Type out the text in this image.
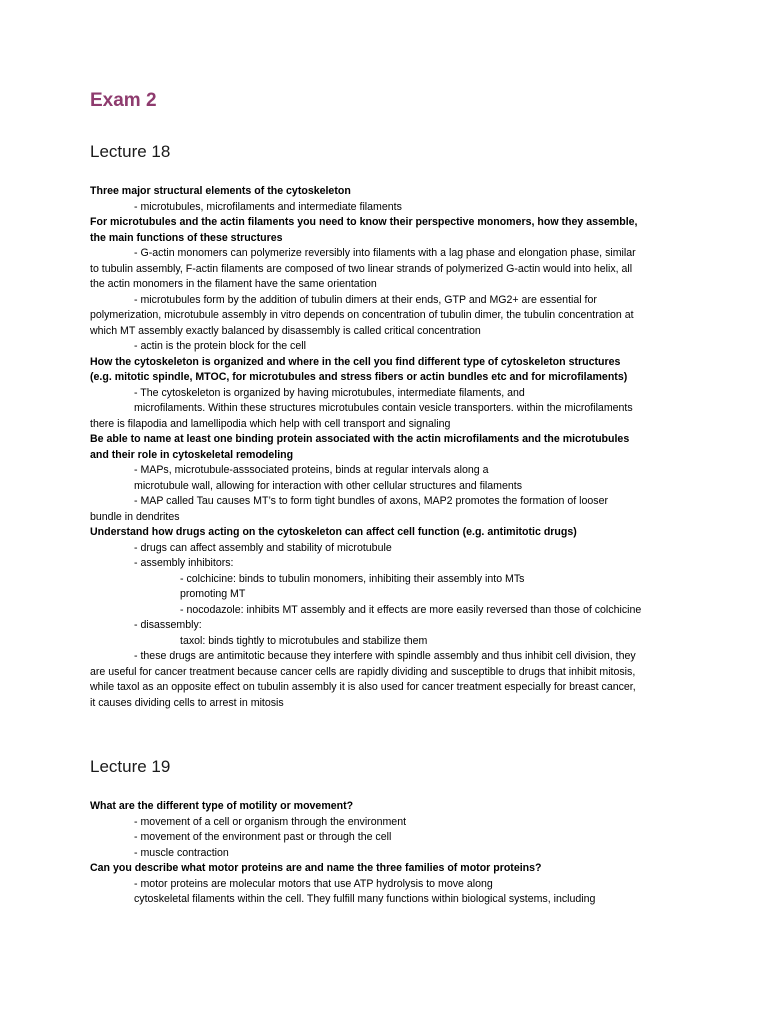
Exam 2
Lecture 18
Three major structural elements of the cytoskeleton
- microtubules, microfilaments and intermediate filaments
For microtubules and the actin filaments you need to know their perspective monomers, how they assemble,
the main functions of these structures
- G-actin monomers can polymerize reversibly into filaments with a lag phase and elongation phase, similar
to tubulin assembly, F-actin filaments are composed of two linear strands of polymerized G-actin would into helix, all
the actin monomers in the filament have the same orientation
- microtubules form by the addition of tubulin dimers at their ends, GTP and MG2+ are essential for
polymerization, microtubule assembly in vitro depends on concentration of tubulin dimer, the tubulin concentration at
which MT assembly exactly balanced by disassembly is called critical concentration
- actin is the protein block for the cell
How the cytoskeleton is organized and where in the cell you find different type of cytoskeleton structures
(e.g. mitotic spindle, MTOC, for microtubules and stress fibers or actin bundles etc and for microfilaments)
- The cytoskeleton is organized by having microtubules, intermediate filaments, and
microfilaments. Within these structures microtubules contain vesicle transporters. within the microfilaments
there is filapodia and lamellipodia which help with cell transport and signaling
Be able to name at least one binding protein associated with the actin microfilaments and the microtubules
and their role in cytoskeletal remodeling
- MAPs, microtubule-asssociated proteins, binds at regular intervals along a
microtubule wall, allowing for interaction with other cellular structures and filaments
- MAP called Tau causes MT’s to form tight bundles of axons, MAP2 promotes the formation of looser
bundle in dendrites
Understand how drugs acting on the cytoskeleton can affect cell function (e.g. antimitotic drugs)
- drugs can affect assembly and stability of microtubule
- assembly inhibitors:
- colchicine: binds to tubulin monomers, inhibiting their assembly into MTs
promoting MT
- nocodazole: inhibits MT assembly and it effects are more easily reversed than those of colchicine
- disassembly:
taxol: binds tightly to microtubules and stabilize them
- these drugs are antimitotic because they interfere with spindle assembly and thus inhibit cell division, they
are useful for cancer treatment because cancer cells are rapidly dividing and susceptible to drugs that inhibit mitosis,
while taxol as an opposite effect on tubulin assembly it is also used for cancer treatment especially for breast cancer,
it causes dividing cells to arrest in mitosis
Lecture 19
What are the different type of motility or movement?
- movement of a cell or organism through the environment
- movement of the environment past or through the cell
- muscle contraction
Can you describe what motor proteins are and name the three families of motor proteins?
- motor proteins are molecular motors that use ATP hydrolysis to move along
cytoskeletal filaments within the cell. They fulfill many functions within biological systems, including
